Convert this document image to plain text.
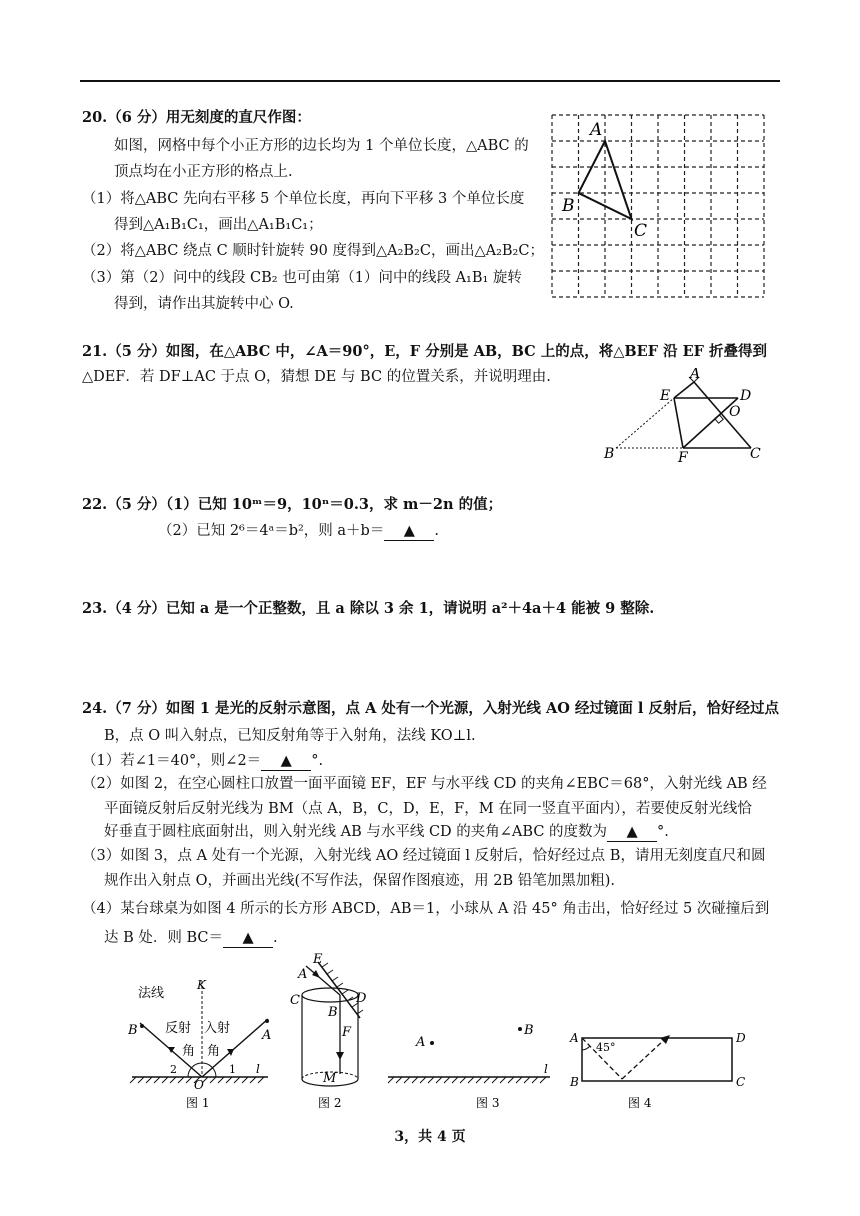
20.（6 分）用无刻度的直尺作图：
如图，网格中每个小正方形的边长均为 1 个单位长度，△ABC 的
顶点均在小正方形的格点上.
（1）将△ABC 先向右平移 5 个单位长度，再向下平移 3 个单位长度
得到△A₁B₁C₁，画出△A₁B₁C₁；
（2）将△ABC 绕点 C 顺时针旋转 90 度得到△A₂B₂C，画出△A₂B₂C；
（3）第（2）问中的线段 CB₂ 也可由第（1）问中的线段 A₁B₁ 旋转
得到，请作出其旋转中心 O.
A
B
C
21.（5 分）如图，在△ABC 中，∠A＝90°，E，F 分别是 AB，BC 上的点，将△BEF 沿 EF 折叠得到
△DEF．若 DF⊥AC 于点 O，猜想 DE 与 BC 的位置关系，并说明理由.	A
E	D
O
B	F	C
22.（5 分）（1）已知 10ᵐ＝9，10ⁿ＝0.3，求 m－2n 的值；
（2）已知 2⁶＝4ᵃ＝b²，则 a＋b＝ ▲ .
23.（4 分）已知 a 是一个正整数，且 a 除以 3 余 1，请说明 a²＋4a＋4 能被 9 整除.
24.（7 分）如图 1 是光的反射示意图，点 A 处有一个光源，入射光线 AO 经过镜面 l 反射后，恰好经过点
B，点 O 叫入射点，已知反射角等于入射角，法线 KO⊥l.
（1）若∠1＝40°，则∠2＝ ▲ °.
（2）如图 2，在空心圆柱口放置一面平面镜 EF，EF 与水平线 CD 的夹角∠EBC＝68°，入射光线 AB 经
平面镜反射后反射光线为 BM（点 A，B，C，D，E，F，M 在同一竖直平面内），若要使反射光线恰
好垂直于圆柱底面射出，则入射光线 AB 与水平线 CD 的夹角∠ABC 的度数为 ▲ °.
（3）如图 3，点 A 处有一个光源，入射光线 AO 经过镜面 l 反射后，恰好经过点 B，请用无刻度直尺和圆
规作出入射点 O，并画出光线(不写作法，保留作图痕迹，用 2B 铅笔加黑加粗).
（4）某台球桌为如图 4 所示的长方形 ABCD，AB＝1，小球从 A 沿 45° 角击出，恰好经过 5 次碰撞后到
达 B 处．则 BC＝ ▲ .
法线
K
B	A
反射 入射
角 角
2	1
O
l
图 1
E
A
C	D
B
F
M
图 2
A
B
l
图 3
A	D
B	C
45°
图 4
3，共 4 页
